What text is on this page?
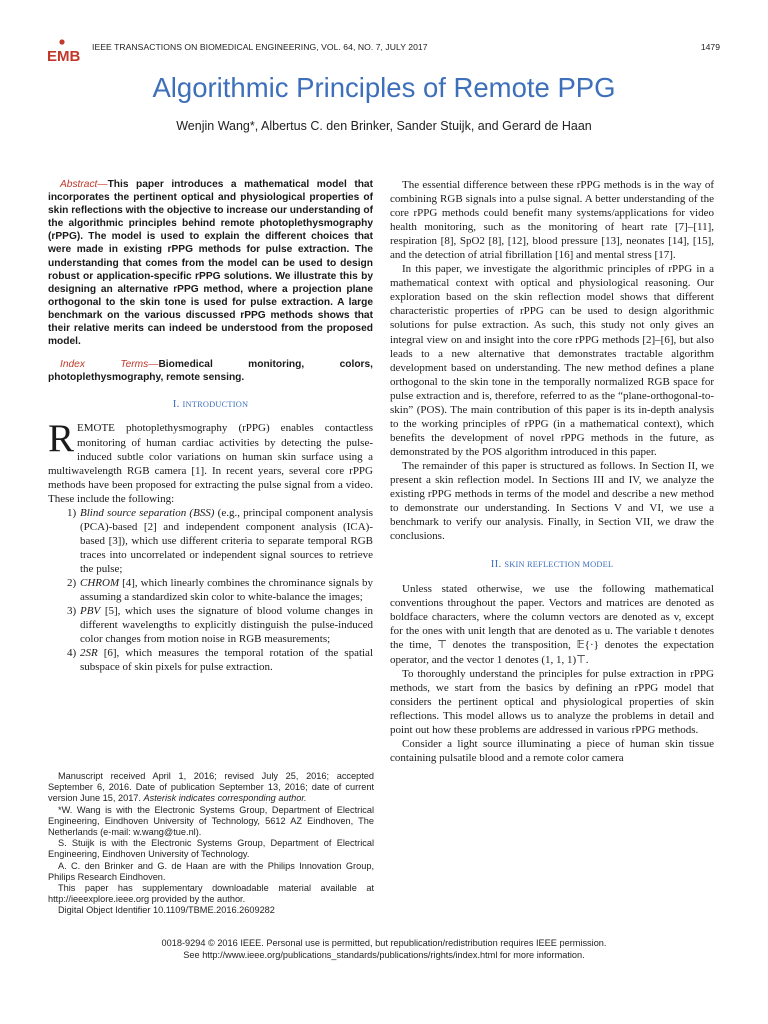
EMB
IEEE TRANSACTIONS ON BIOMEDICAL ENGINEERING, VOL. 64, NO. 7, JULY 2017	1479
Algorithmic Principles of Remote PPG
Wenjin Wang*, Albertus C. den Brinker, Sander Stuijk, and Gerard de Haan

Abstract—This paper introduces a mathematical model that incorporates the pertinent optical and physiological properties of skin reflections with the objective to increase our understanding of the algorithmic principles behind remote photoplethysmography (rPPG). The model is used to explain the different choices that were made in existing rPPG methods for pulse extraction. The understanding that comes from the model can be used to design robust or application-specific rPPG solutions. We illustrate this by designing an alternative rPPG method, where a projection plane orthogonal to the skin tone is used for pulse extraction. A large benchmark on the various discussed rPPG methods shows that their relative merits can indeed be understood from the proposed model.

Index Terms—Biomedical monitoring, colors, photoplethysmography, remote sensing.

I. INTRODUCTION

REMOTE photoplethysmography (rPPG) enables contactless monitoring of human cardiac activities by detecting the pulse-induced subtle color variations on human skin surface using a multiwavelength RGB camera [1]. In recent years, several core rPPG methods have been proposed for extracting the pulse signal from a video. These include the following:

1) Blind source separation (BSS) (e.g., principal component analysis (PCA)-based [2] and independent component analysis (ICA)-based [3]), which use different criteria to separate temporal RGB traces into uncorrelated or independent signal sources to retrieve the pulse;
2) CHROM [4], which linearly combines the chrominance signals by assuming a standardized skin color to white-balance the images;
3) PBV [5], which uses the signature of blood volume changes in different wavelengths to explicitly distinguish the pulse-induced color changes from motion noise in RGB measurements;
4) 2SR [6], which measures the temporal rotation of the spatial subspace of skin pixels for pulse extraction.

Manuscript received April 1, 2016; revised July 25, 2016; accepted September 6, 2016. Date of publication September 13, 2016; date of current version June 15, 2017. Asterisk indicates corresponding author.

*W. Wang is with the Electronic Systems Group, Department of Electrical Engineering, Eindhoven University of Technology, 5612 AZ Eindhoven, The Netherlands (e-mail: w.wang@tue.nl).

S. Stuijk is with the Electronic Systems Group, Department of Electrical Engineering, Eindhoven University of Technology.

A. C. den Brinker and G. de Haan are with the Philips Innovation Group, Philips Research Eindhoven.

This paper has supplementary downloadable material available at http://ieeexplore.ieee.org provided by the author.

Digital Object Identifier 10.1109/TBME.2016.2609282

The essential difference between these rPPG methods is in the way of combining RGB signals into a pulse signal. A better understanding of the core rPPG methods could benefit many systems/applications for video health monitoring, such as the monitoring of heart rate [7]–[11], respiration [8], SpO2 [8], [12], blood pressure [13], neonates [14], [15], and the detection of atrial fibrillation [16] and mental stress [17].

In this paper, we investigate the algorithmic principles of rPPG in a mathematical context with optical and physiological reasoning. Our exploration based on the skin reflection model shows that different characteristic properties of rPPG can be used to design algorithmic solutions for pulse extraction. As such, this study not only gives an integral view on and insight into the core rPPG methods [2]–[6], but also leads to a new alternative that demonstrates tractable algorithm development based on understanding. The new method defines a plane orthogonal to the skin tone in the temporally normalized RGB space for pulse extraction and is, therefore, referred to as the “plane-orthogonal-to-skin” (POS). The main contribution of this paper is its in-depth analysis to the working principles of rPPG (in a mathematical context), which benefits the development of novel rPPG methods in the future, as demonstrated by the POS algorithm introduced in this paper.

The remainder of this paper is structured as follows. In Section II, we present a skin reflection model. In Sections III and IV, we analyze the existing rPPG methods in terms of the model and describe a new method to demonstrate our understanding. In Sections V and VI, we use a benchmark to verify our analysis. Finally, in Section VII, we draw the conclusions.

II. SKIN REFLECTION MODEL

Unless stated otherwise, we use the following mathematical conventions throughout the paper. Vectors and matrices are denoted as boldface characters, where the column vectors are denoted as v, except for the ones with unit length that are denoted as u. The variable t denotes the time, ⊤ denotes the transposition, 𝔼{·} denotes the expectation operator, and the vector 1 denotes (1, 1, 1)⊤.

To thoroughly understand the principles for pulse extraction in rPPG methods, we start from the basics by defining an rPPG model that considers the pertinent optical and physiological properties of skin reflections. This model allows us to analyze the problems in detail and point out how these problems are addressed in various rPPG methods.

Consider a light source illuminating a piece of human skin tissue containing pulsatile blood and a remote color camera

0018-9294 © 2016 IEEE. Personal use is permitted, but republication/redistribution requires IEEE permission.
See http://www.ieee.org/publications_standards/publications/rights/index.html for more information.
